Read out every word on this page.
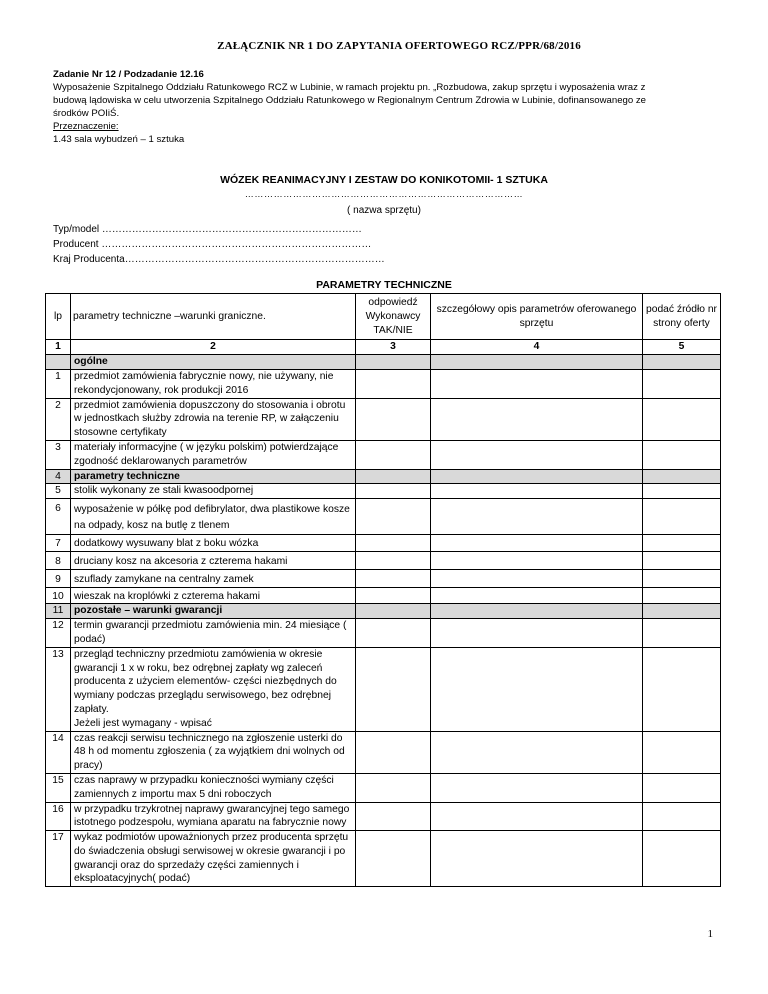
ZAŁĄCZNIK NR 1 DO ZAPYTANIA OFERTOWEGO RCZ/PPR/68/2016
Zadanie Nr 12 / Podzadanie 12.16
Wyposażenie Szpitalnego Oddziału Ratunkowego RCZ w Lubinie, w ramach projektu pn. „Rozbudowa, zakup sprzętu i wyposażenia wraz z
budową lądowiska w celu utworzenia Szpitalnego Oddziału Ratunkowego w Regionalnym Centrum Zdrowia w Lubinie, dofinansowanego ze
środków POIiŚ.
Przeznaczenie:
1.43 sala wybudzeń – 1 sztuka
WÓZEK REANIMACYJNY I ZESTAW DO KONIKOTOMII- 1 SZTUKA
……………………………………………………………………………
( nazwa sprzętu)
Typ/model ……………………………………………………………………
Producent ………………………………………………………………………
Kraj Producenta……………………………………………………………………
PARAMETRY TECHNICZNE
lp	parametry techniczne –warunki graniczne.	odpowiedź Wykonawcy TAK/NIE	szczegółowy opis parametrów oferowanego sprzętu	podać źródło nr strony oferty
1	2	3	4	5
	ogólne			
1	przedmiot zamówienia fabrycznie nowy, nie używany, nie rekondycjonowany, rok produkcji 2016			
2	przedmiot zamówienia dopuszczony do stosowania i obrotu w jednostkach służby zdrowia na terenie RP, w załączeniu stosowne certyfikaty			
3	materiały informacyjne ( w języku polskim) potwierdzające zgodność deklarowanych parametrów			
4	parametry techniczne			
5	stolik wykonany ze stali kwasoodpornej			
6	wyposażenie w półkę pod defibrylator, dwa plastikowe kosze na odpady, kosz na butlę z tlenem			
7	dodatkowy wysuwany blat z boku wózka			
8	druciany kosz na akcesoria z czterema hakami			
9	szuflady zamykane na centralny zamek			
10	wieszak na kroplówki z czterema hakami			
11	pozostałe – warunki gwarancji			
12	termin gwarancji przedmiotu zamówienia min. 24 miesiące ( podać)			
13	przegląd techniczny przedmiotu zamówienia w okresie gwarancji 1 x w roku, bez odrębnej zapłaty wg zaleceń producenta z użyciem elementów- części niezbędnych do wymiany podczas przeglądu serwisowego, bez odrębnej zapłaty.
Jeżeli jest wymagany - wpisać			
14	czas reakcji serwisu technicznego na zgłoszenie usterki do 48 h od momentu zgłoszenia ( za wyjątkiem dni wolnych od pracy)			
15	czas naprawy w przypadku konieczności wymiany części zamiennych z importu max 5 dni roboczych			
16	w przypadku trzykrotnej naprawy gwarancyjnej tego samego istotnego podzespołu, wymiana aparatu na fabrycznie nowy			
17	wykaz podmiotów upoważnionych przez producenta sprzętu do świadczenia obsługi serwisowej w okresie gwarancji i po gwarancji oraz do sprzedaży części zamiennych i eksploatacyjnych( podać)			
1
